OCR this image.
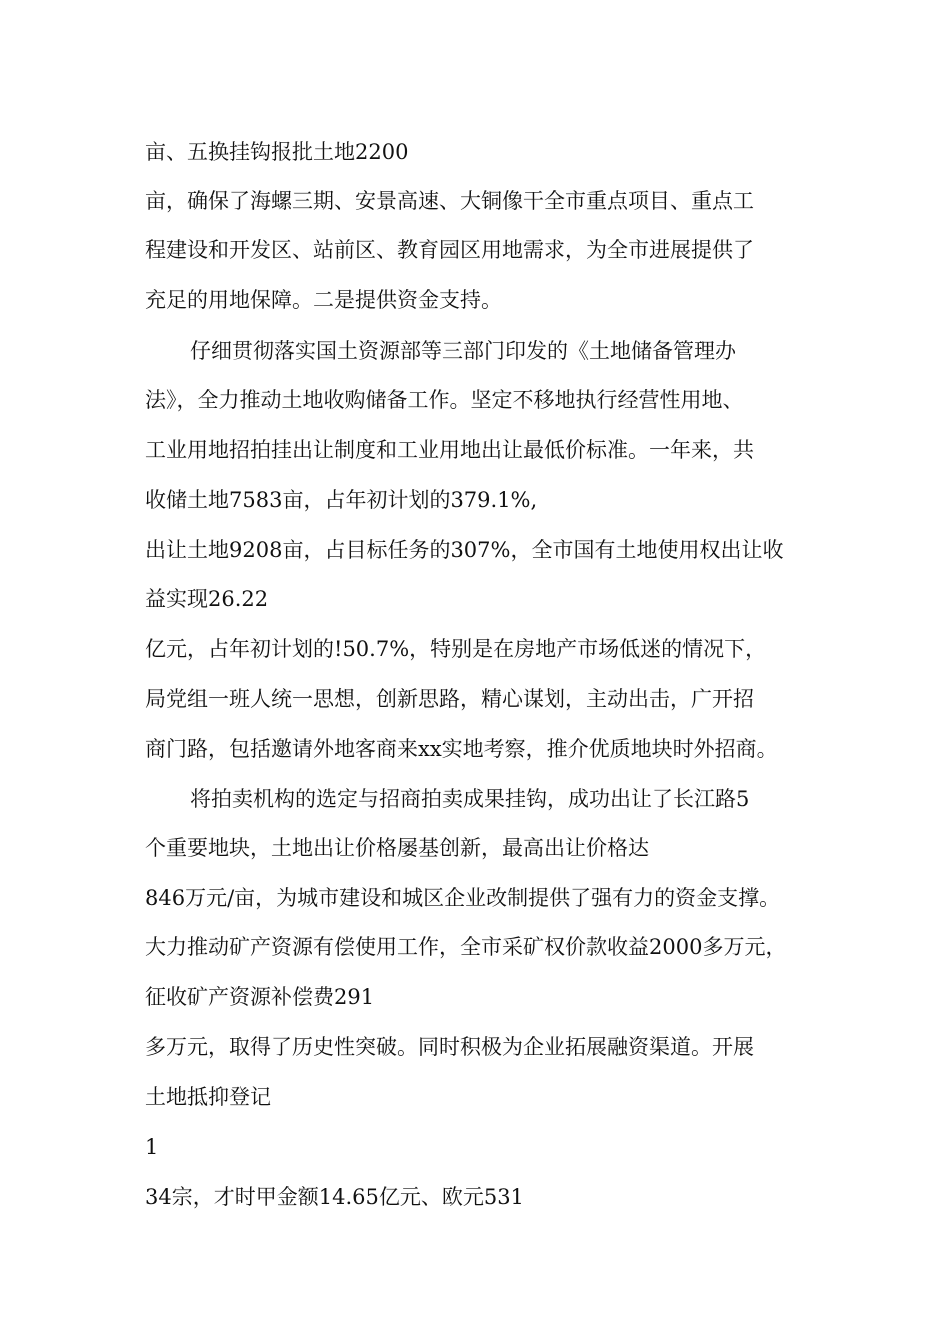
亩、五换挂钩报批土地2200
亩，确保了海螺三期、安景高速、大铜像干全市重点项目、重点工
程建设和开发区、站前区、教育园区用地需求，为全市进展提供了
充足的用地保障。二是提供资金支持。
仔细贯彻落实国土资源部等三部门印发的《土地储备管理办
法》，全力推动土地收购储备工作。坚定不移地执行经营性用地、
工业用地招拍挂出让制度和工业用地出让最低价标准。一年来，共
收储土地7583亩，占年初计划的379.1%,
出让土地9208亩，占目标任务的307%，全市国有土地使用权出让收
益实现26.22
亿元，占年初计划的!50.7%，特别是在房地产市场低迷的情况下，
局党组一班人统一思想，创新思路，精心谋划，主动出击，广开招
商门路，包括邀请外地客商来xx实地考察，推介优质地块时外招商。
将拍卖机构的选定与招商拍卖成果挂钩，成功出让了长江路5
个重要地块，土地出让价格屡基创新，最高出让价格达
846万元/亩，为城市建设和城区企业改制提供了强有力的资金支撑。
大力推动矿产资源有偿使用工作，全市采矿权价款收益2000多万元，
征收矿产资源补偿费291
多万元，取得了历史性突破。同时积极为企业拓展融资渠道。开展
土地抵抑登记
1
34宗，才时甲金额14.65亿元、欧元531
